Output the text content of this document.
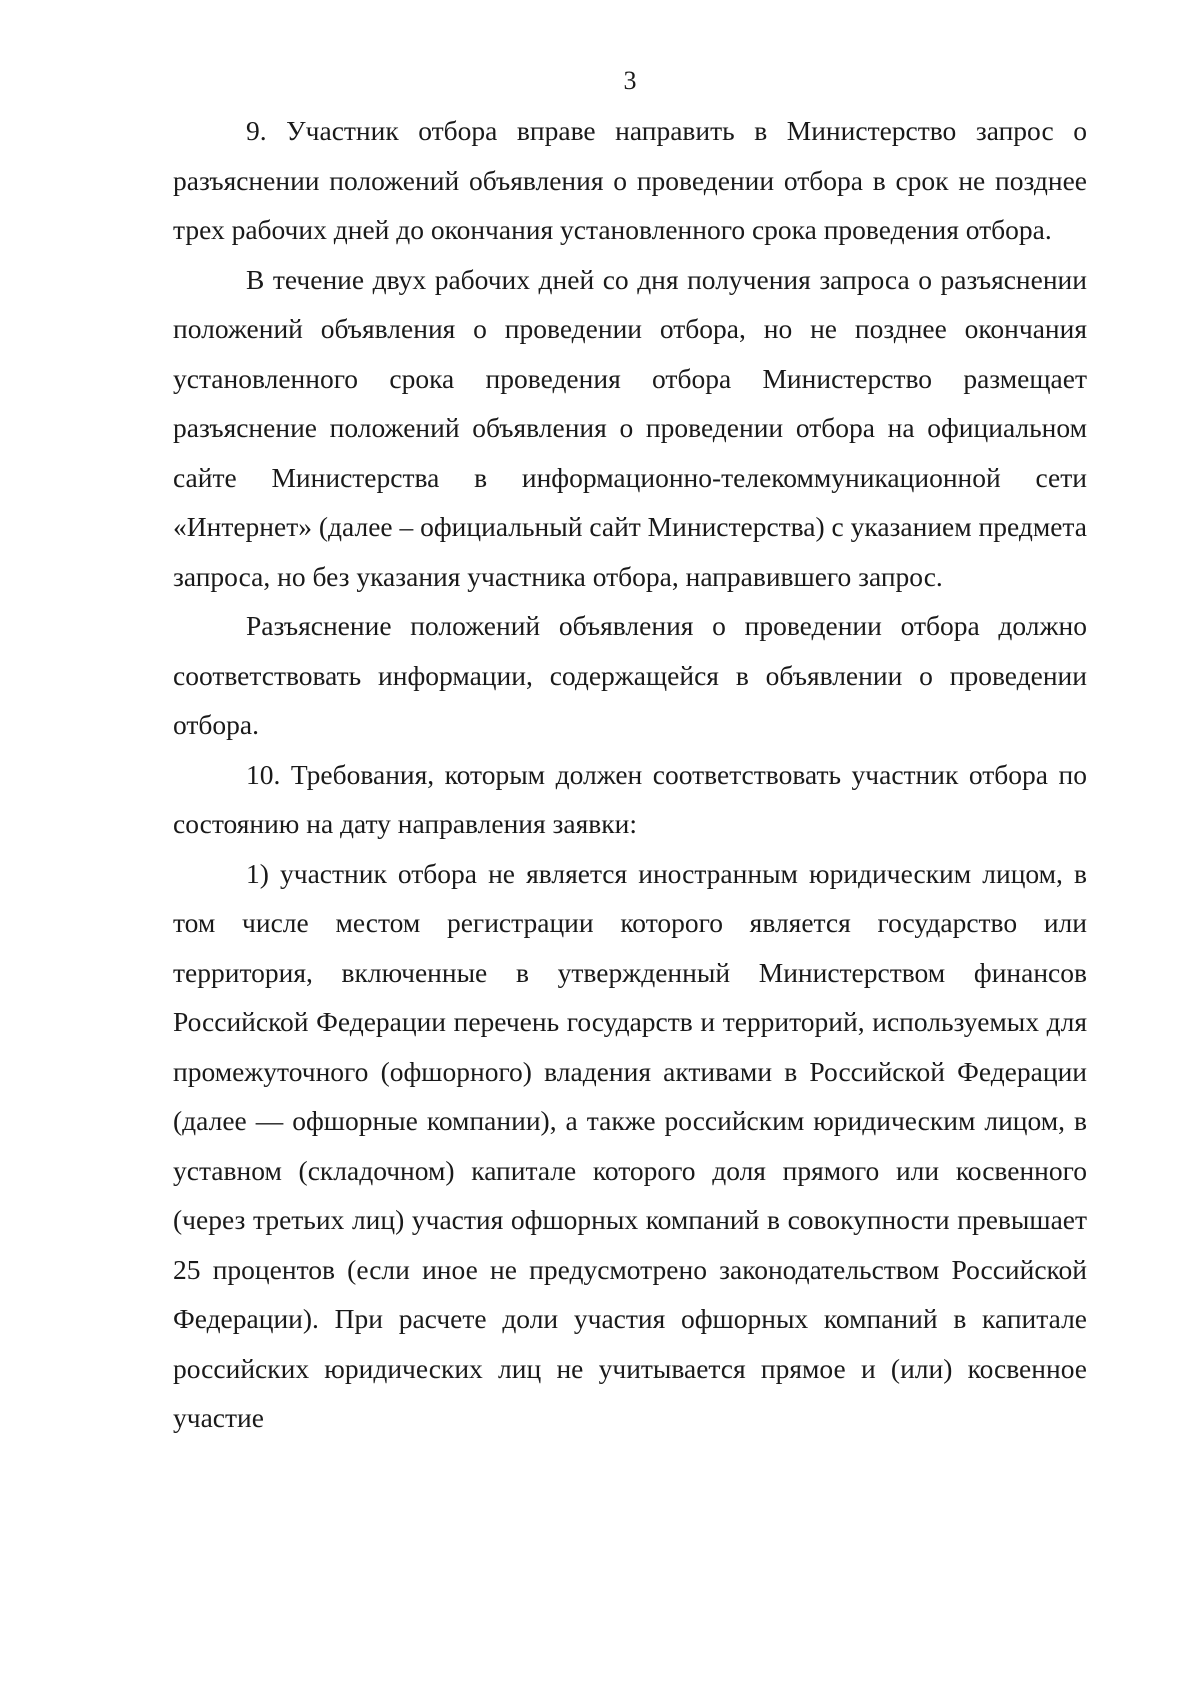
3

9. Участник отбора вправе направить в Министерство запрос о разъяснении положений объявления о проведении отбора в срок не позднее трех рабочих дней до окончания установленного срока проведения отбора.

В течение двух рабочих дней со дня получения запроса о разъяснении положений объявления о проведении отбора, но не позднее окончания установленного срока проведения отбора Министерство размещает разъяснение положений объявления о проведении отбора на официальном сайте Министерства в информационно-телекоммуникационной сети «Интернет» (далее – официальный сайт Министерства) с указанием предмета запроса, но без указания участника отбора, направившего запрос.

Разъяснение положений объявления о проведении отбора должно соответствовать информации, содержащейся в объявлении о проведении отбора.

10. Требования, которым должен соответствовать участник отбора по состоянию на дату направления заявки:

1) участник отбора не является иностранным юридическим лицом, в том числе местом регистрации которого является государство или территория, включенные в утвержденный Министерством финансов Российской Федерации перечень государств и территорий, используемых для промежуточного (офшорного) владения активами в Российской Федерации (далее — офшорные компании), а также российским юридическим лицом, в уставном (складочном) капитале которого доля прямого или косвенного (через третьих лиц) участия офшорных компаний в совокупности превышает 25 процентов (если иное не предусмотрено законодательством Российской Федерации). При расчете доли участия офшорных компаний в капитале российских юридических лиц не учитывается прямое и (или) косвенное участие
